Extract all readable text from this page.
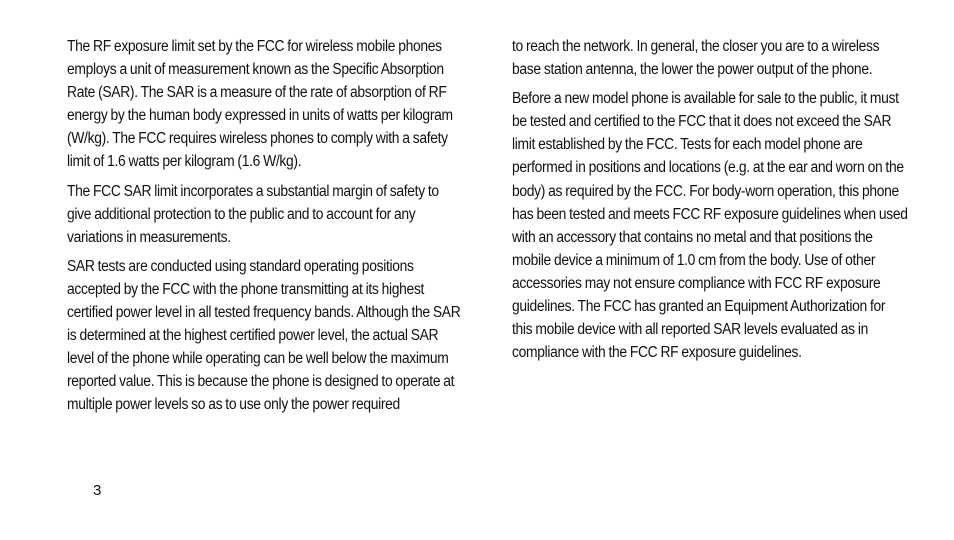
The RF exposure limit set by the FCC for wireless mobile phones employs a unit of measurement known as the Specific Absorption Rate (SAR). The SAR is a measure of the rate of absorption of RF energy by the human body expressed in units of watts per kilogram (W/kg). The FCC requires wireless phones to comply with a safety limit of 1.6 watts per kilogram (1.6 W/kg).

The FCC SAR limit incorporates a substantial margin of safety to give additional protection to the public and to account for any variations in measurements.

SAR tests are conducted using standard operating positions accepted by the FCC with the phone transmitting at its highest certified power level in all tested frequency bands. Although the SAR is determined at the highest certified power level, the actual SAR level of the phone while operating can be well below the maximum reported value. This is because the phone is designed to operate at multiple power levels so as to use only the power required

to reach the network. In general, the closer you are to a wireless base station antenna, the lower the power output of the phone.

Before a new model phone is available for sale to the public, it must be tested and certified to the FCC that it does not exceed the SAR limit established by the FCC. Tests for each model phone are performed in positions and locations (e.g. at the ear and worn on the body) as required by the FCC. For body-worn operation, this phone has been tested and meets FCC RF exposure guidelines when used with an accessory that contains no metal and that positions the mobile device a minimum of 1.0 cm from the body. Use of other accessories may not ensure compliance with FCC RF exposure guidelines. The FCC has granted an Equipment Authorization for this mobile device with all reported SAR levels evaluated as in compliance with the FCC RF exposure guidelines.

3
